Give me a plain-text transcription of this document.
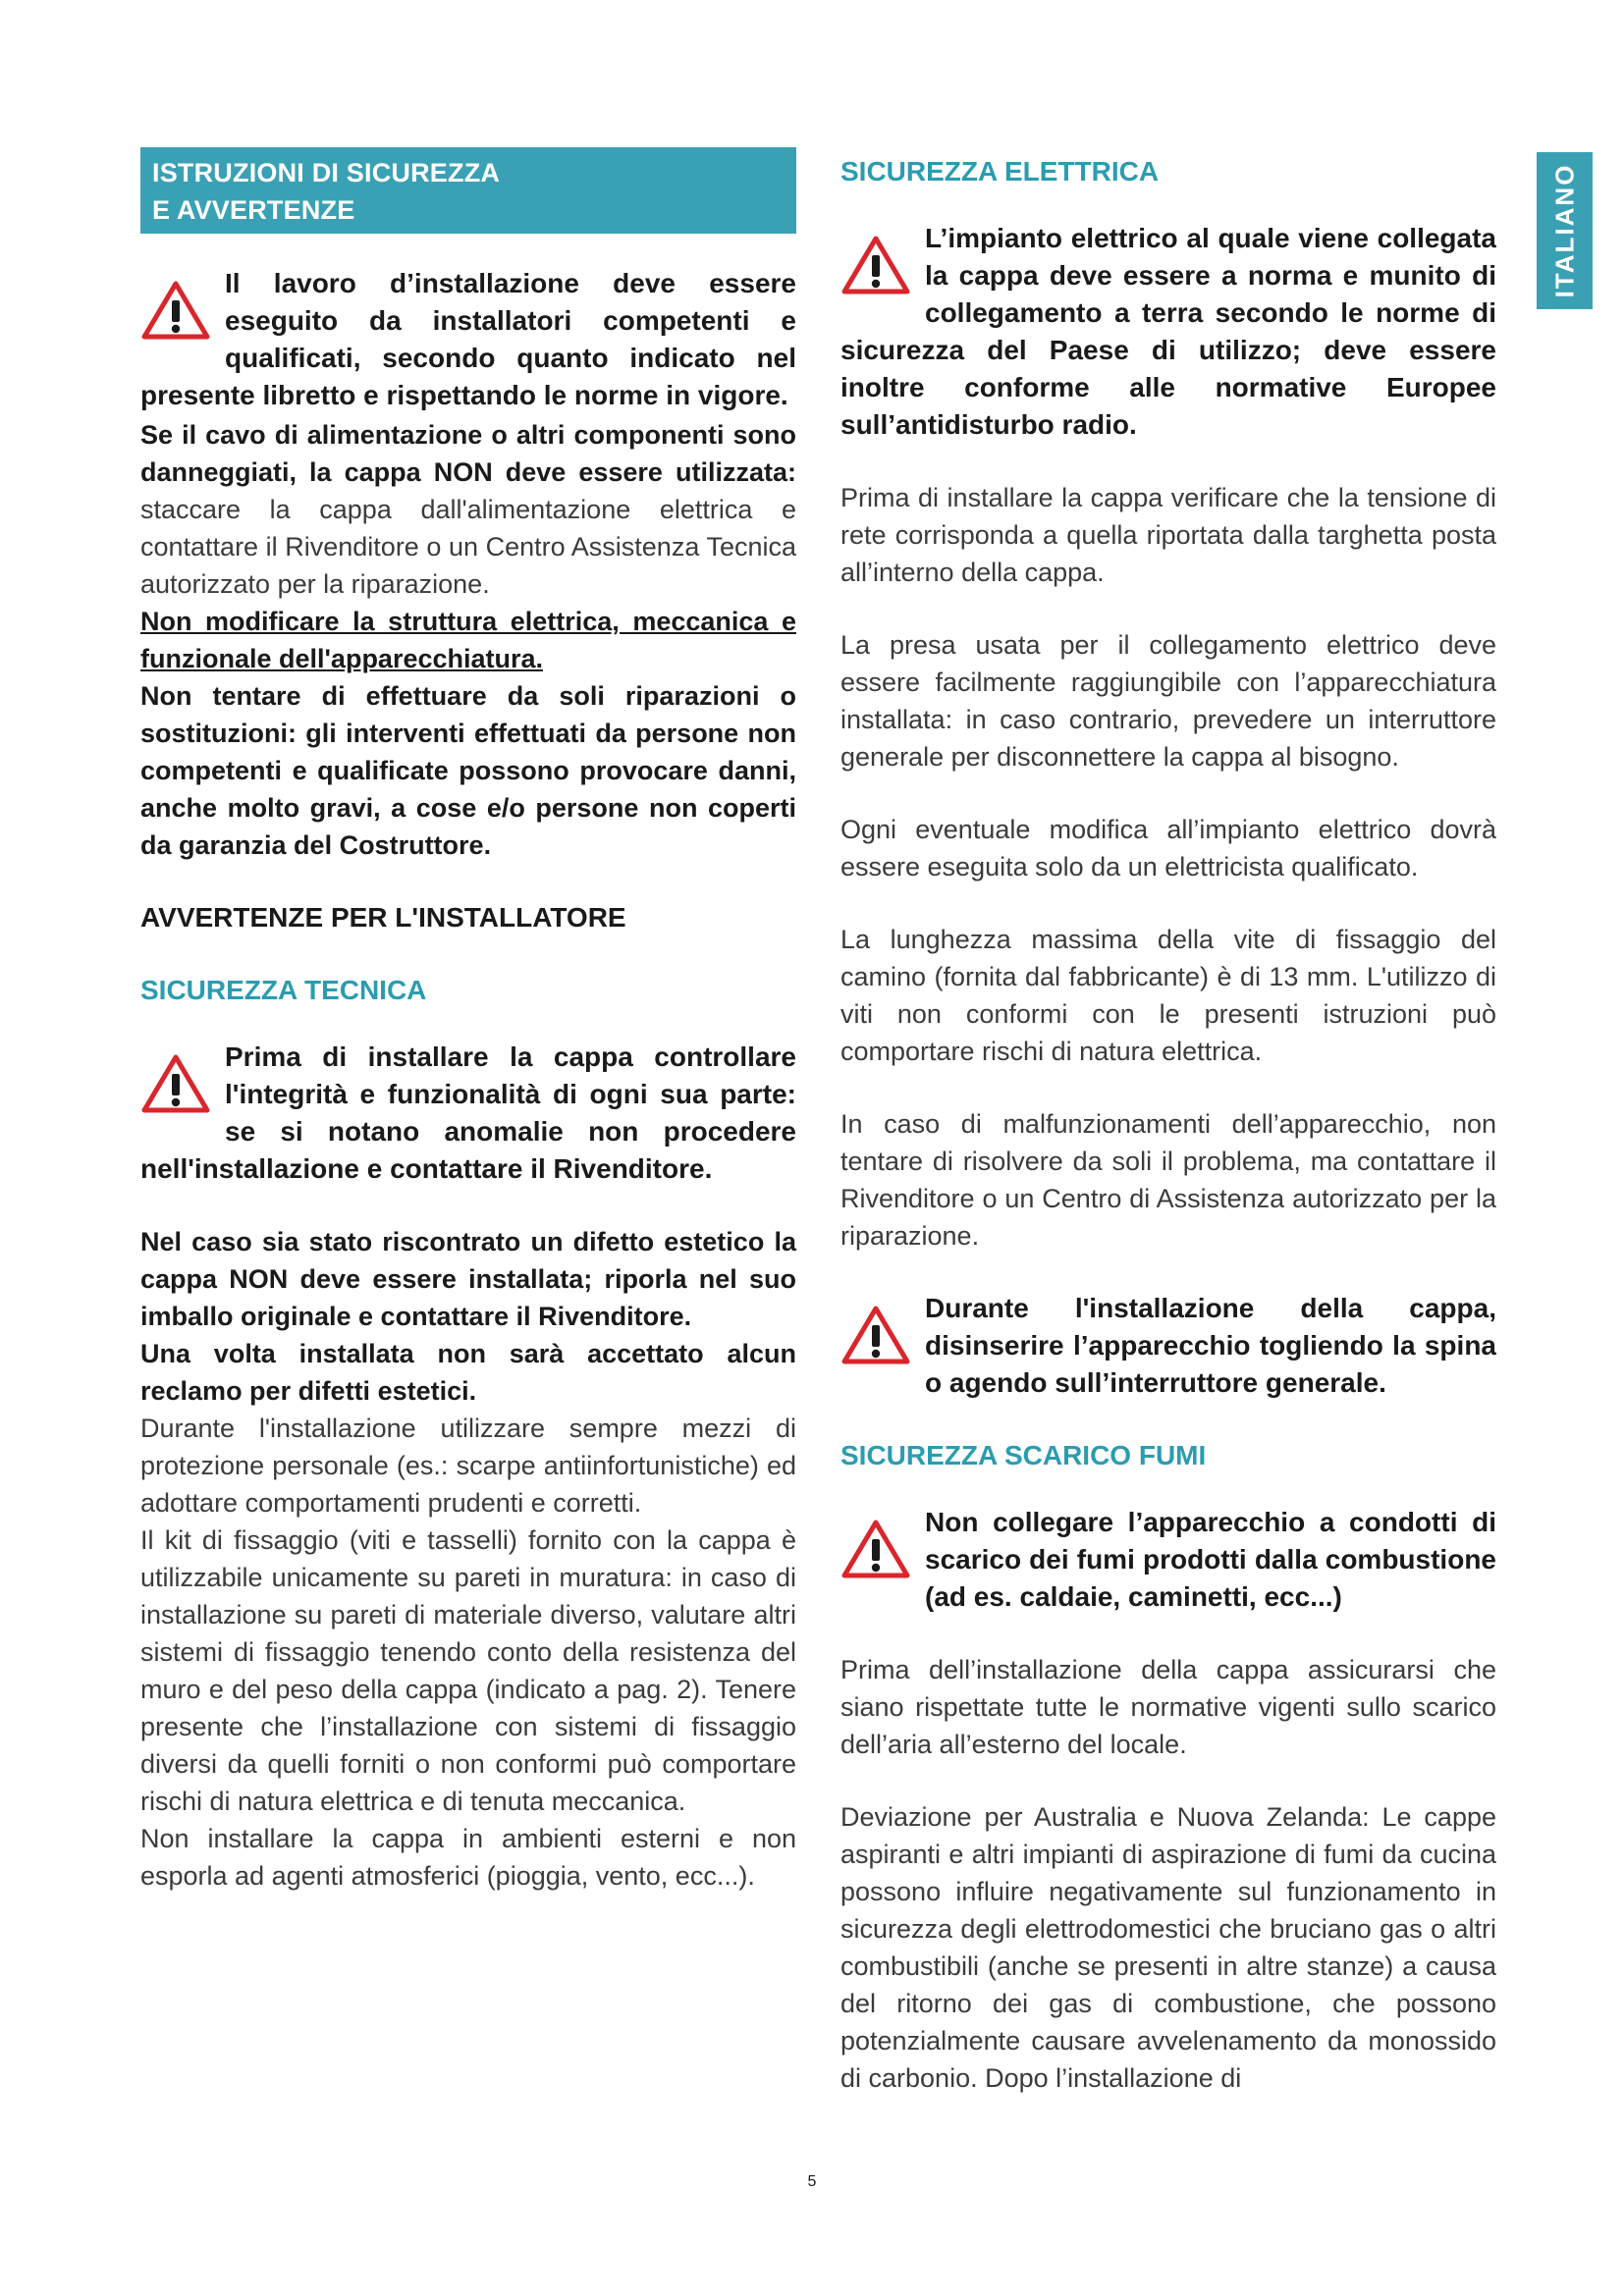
ITALIANO
ISTRUZIONI DI SICUREZZA
E AVVERTENZE
Il lavoro d’installazione deve essere eseguito da installatori competenti e qualificati, secondo quanto indicato nel presente libretto e rispettando le norme in vigore.

Se il cavo di alimentazione o altri componenti sono danneggiati, la cappa NON deve essere utilizzata: staccare la cappa dall'alimentazione elettrica e contattare il Rivenditore o un Centro Assistenza Tecnica autorizzato per la riparazione.

Non modificare la struttura elettrica, meccanica e funzionale dell'apparecchiatura.

Non tentare di effettuare da soli riparazioni o sostituzioni: gli interventi effettuati da persone non competenti e qualificate possono provocare danni, anche molto gravi, a cose e/o persone non coperti da garanzia del Costruttore.

AVVERTENZE PER L'INSTALLATORE
SICUREZZA TECNICA
Prima di installare la cappa controllare l'integrità e funzionalità di ogni sua parte: se si notano anomalie non procedere nell'installazione e contattare il Rivenditore.

Nel caso sia stato riscontrato un difetto estetico la cappa NON deve essere installata; riporla nel suo imballo originale e contattare il Rivenditore.

Una volta installata non sarà accettato alcun reclamo per difetti estetici.

Durante l'installazione utilizzare sempre mezzi di protezione personale (es.: scarpe antiinfortunistiche) ed adottare comportamenti prudenti e corretti.

Il kit di fissaggio (viti e tasselli) fornito con la cappa è utilizzabile unicamente su pareti in muratura: in caso di installazione su pareti di materiale diverso, valutare altri sistemi di fissaggio tenendo conto della resistenza del muro e del peso della cappa (indicato a pag. 2). Tenere presente che l’installazione con sistemi di fissaggio diversi da quelli forniti o non conformi può comportare rischi di natura elettrica e di tenuta meccanica.

Non installare la cappa in ambienti esterni e non esporla ad agenti atmosferici (pioggia, vento, ecc...).

SICUREZZA ELETTRICA
L’impianto elettrico al quale viene collegata la cappa deve essere a norma e munito di collegamento a terra secondo le norme di sicurezza del Paese di utilizzo; deve essere inoltre conforme alle normative Europee sull’antidisturbo radio.

Prima di installare la cappa verificare che la tensione di rete corrisponda a quella riportata dalla targhetta posta all’interno della cappa.

La presa usata per il collegamento elettrico deve essere facilmente raggiungibile con l’apparecchiatura installata: in caso contrario, prevedere un interruttore generale per disconnettere la cappa al bisogno.

Ogni eventuale modifica all’impianto elettrico dovrà essere eseguita solo da un elettricista qualificato.

La lunghezza massima della vite di fissaggio del camino (fornita dal fabbricante) è di 13 mm. L'utilizzo di viti non conformi con le presenti istruzioni può comportare rischi di natura elettrica.

In caso di malfunzionamenti dell’apparecchio, non tentare di risolvere da soli il problema, ma contattare il Rivenditore o un Centro di Assistenza autorizzato per la riparazione.

Durante l'installazione della cappa, disinserire l’apparecchio togliendo la spina o agendo sull’interruttore generale.
SICUREZZA SCARICO FUMI
Non collegare l’apparecchio a condotti di scarico dei fumi prodotti dalla combustione (ad es. caldaie, caminetti, ecc...)

Prima dell’installazione della cappa assicurarsi che siano rispettate tutte le normative vigenti sullo scarico dell’aria all’esterno del locale.

Deviazione per Australia e Nuova Zelanda: Le cappe aspiranti e altri impianti di aspirazione di fumi da cucina possono influire negativamente sul funzionamento in sicurezza degli elettrodomestici che bruciano gas o altri combustibili (anche se presenti in altre stanze) a causa del ritorno dei gas di combustione, che possono potenzialmente causare avvelenamento da monossido di carbonio. Dopo l’installazione di

5
